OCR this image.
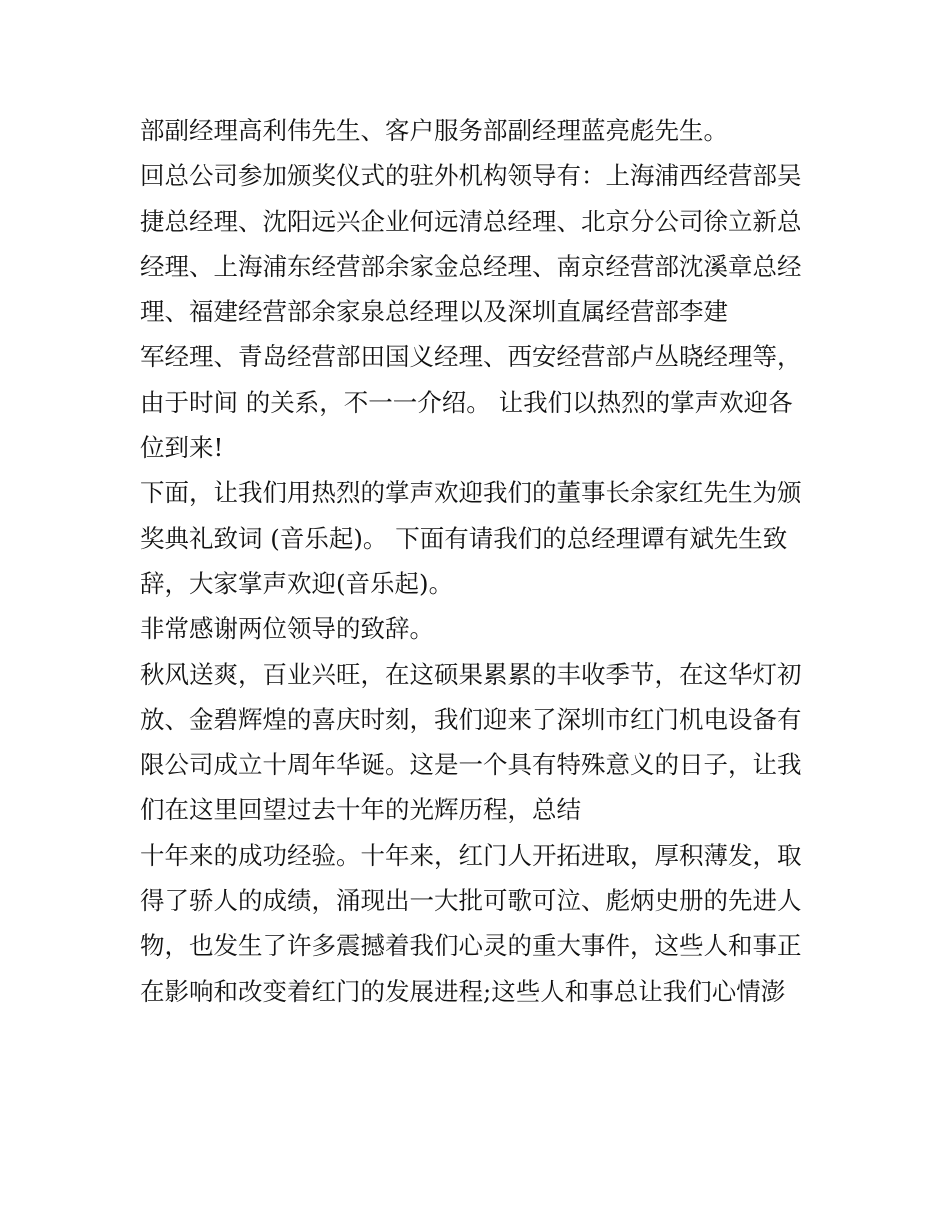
部副经理高利伟先生、客户服务部副经理蓝亮彪先生。
回总公司参加颁奖仪式的驻外机构领导有：上海浦西经营部吴
捷总经理、沈阳远兴企业何远清总经理、北京分公司徐立新总
经理、上海浦东经营部余家金总经理、南京经营部沈溪章总经
理、福建经营部余家泉总经理以及深圳直属经营部李建
军经理、青岛经营部田国义经理、西安经营部卢丛晓经理等，
由于时间 的关系，不一一介绍。 让我们以热烈的掌声欢迎各
位到来!
下面，让我们用热烈的掌声欢迎我们的董事长余家红先生为颁
奖典礼致词 (音乐起)。 下面有请我们的总经理谭有斌先生致
辞，大家掌声欢迎(音乐起)。
非常感谢两位领导的致辞。
秋风送爽，百业兴旺，在这硕果累累的丰收季节，在这华灯初
放、金碧辉煌的喜庆时刻，我们迎来了深圳市红门机电设备有
限公司成立十周年华诞。这是一个具有特殊意义的日子，让我
们在这里回望过去十年的光辉历程，总结
十年来的成功经验。十年来，红门人开拓进取，厚积薄发，取
得了骄人的成绩，涌现出一大批可歌可泣、彪炳史册的先进人
物，也发生了许多震撼着我们心灵的重大事件，这些人和事正
在影响和改变着红门的发展进程;这些人和事总让我们心情澎
